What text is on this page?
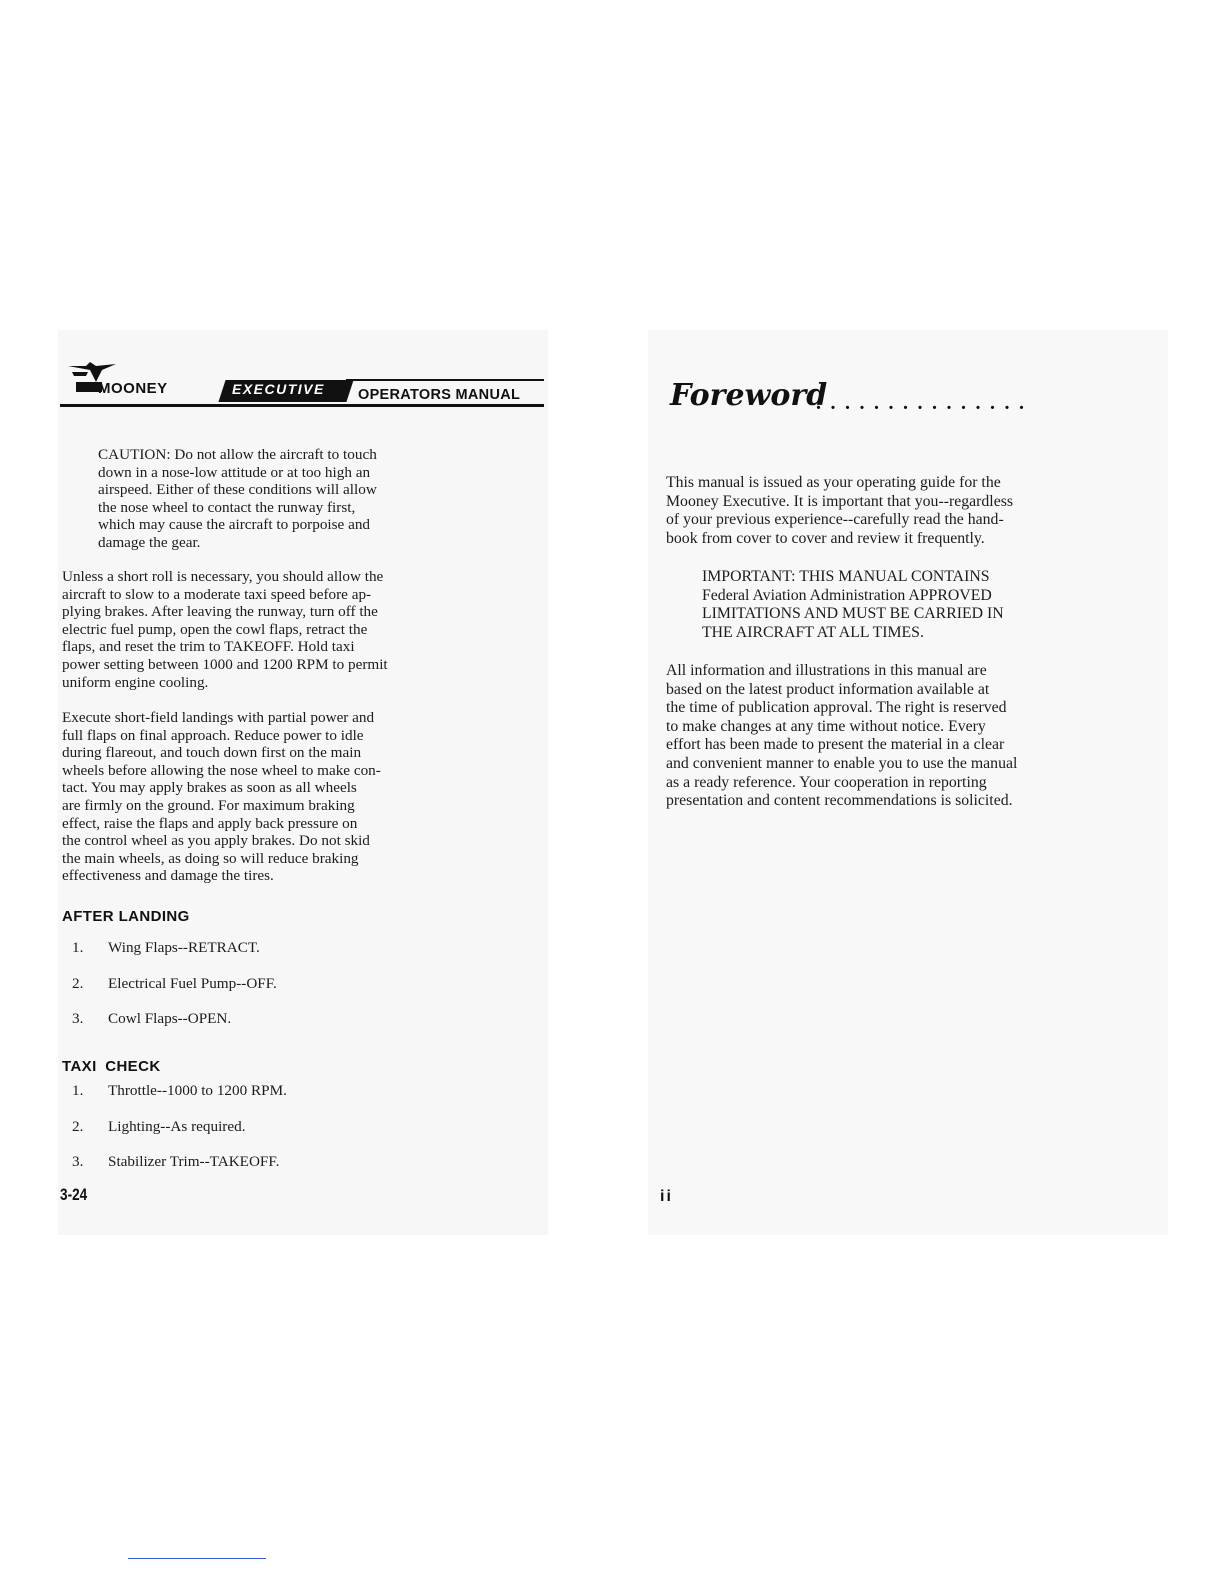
MOONEY	EXECUTIVE OPERATORS MANUAL
CAUTION: Do not allow the aircraft to touch
down in a nose-low attitude or at too high an
airspeed. Either of these conditions will allow
the nose wheel to contact the runway first,
which may cause the aircraft to porpoise and
damage the gear.
Unless a short roll is necessary, you should allow the
aircraft to slow to a moderate taxi speed before ap-
plying brakes. After leaving the runway, turn off the
electric fuel pump, open the cowl flaps, retract the
flaps, and reset the trim to TAKEOFF. Hold taxi
power setting between 1000 and 1200 RPM to permit
uniform engine cooling.
Execute short-field landings with partial power and
full flaps on final approach. Reduce power to idle
during flareout, and touch down first on the main
wheels before allowing the nose wheel to make con-
tact. You may apply brakes as soon as all wheels
are firmly on the ground. For maximum braking
effect, raise the flaps and apply back pressure on
the control wheel as you apply brakes. Do not skid
the main wheels, as doing so will reduce braking
effectiveness and damage the tires.
AFTER LANDING
1. Wing Flaps--RETRACT.
2. Electrical Fuel Pump--OFF.
3. Cowl Flaps--OPEN.
TAXI CHECK
1. Throttle--1000 to 1200 RPM.
2. Lighting--As required.
3. Stabilizer Trim--TAKEOFF.
3-24
Foreword
...............
This manual is issued as your operating guide for the
Mooney Executive. It is important that you--regardless
of your previous experience--carefully read the hand-
book from cover to cover and review it frequently.
IMPORTANT: THIS MANUAL CONTAINS
Federal Aviation Administration APPROVED
LIMITATIONS AND MUST BE CARRIED IN
THE AIRCRAFT AT ALL TIMES.
All information and illustrations in this manual are
based on the latest product information available at
the time of publication approval. The right is reserved
to make changes at any time without notice. Every
effort has been made to present the material in a clear
and convenient manner to enable you to use the manual
as a ready reference. Your cooperation in reporting
presentation and content recommendations is solicited.
ii
